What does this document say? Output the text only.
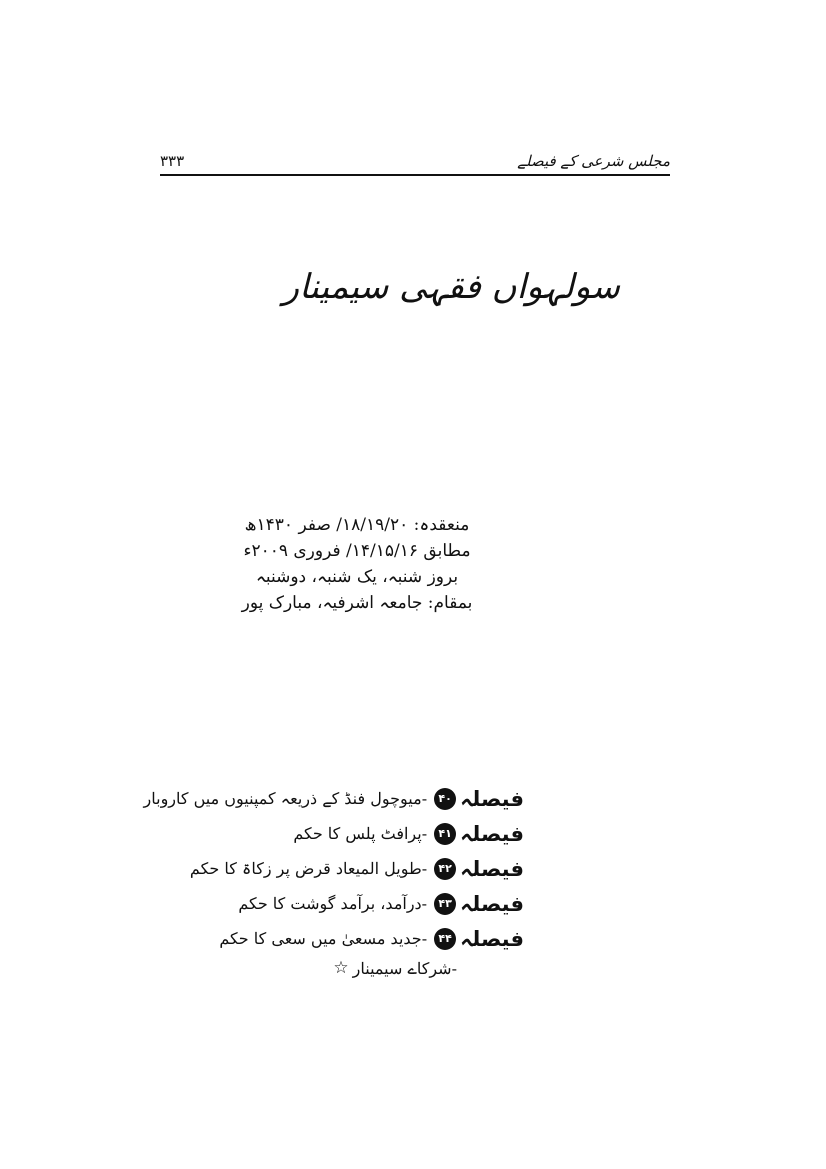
مجلس شرعی کے فیصلے
۳۳۳
سولہواں فقہی سیمینار
منعقدہ: ۱۸/۱۹/۲۰/ صفر ۱۴۳۰ھ
مطابق ۱۴/۱۵/۱۶/ فروری ۲۰۰۹ء
بروز شنبہ، یک شنبہ، دوشنبہ
بمقام: جامعہ اشرفیہ، مبارک پور
فیصلہ
۴۰
-میوچول فنڈ کے ذریعہ کمپنیوں میں کاروبار
فیصلہ
۴۱
-پرافٹ پلس کا حکم
فیصلہ
۴۲
-طویل المیعاد قرض پر زکاۃ کا حکم
فیصلہ
۴۳
-درآمد، برآمد گوشت کا حکم
فیصلہ
۴۴
-جدید مسعیٰ میں سعی کا حکم
-شرکاے سیمینار
☆
